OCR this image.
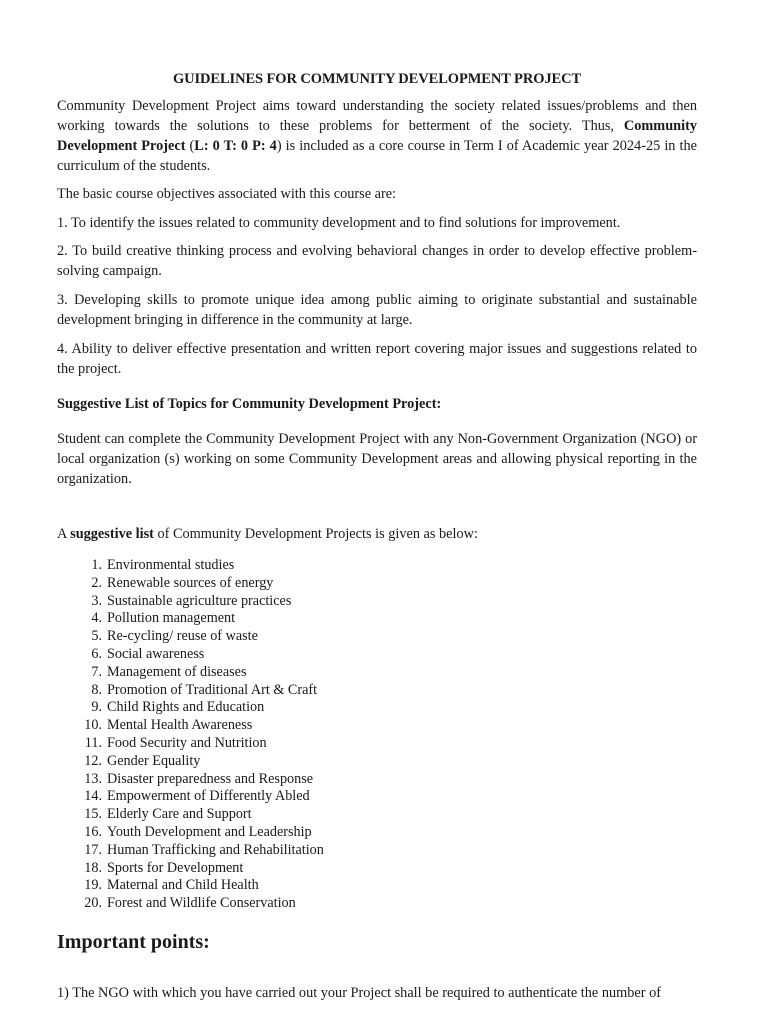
GUIDELINES FOR COMMUNITY DEVELOPMENT PROJECT
Community Development Project aims toward understanding the society related issues/problems and then working towards the solutions to these problems for betterment of the society. Thus, Community Development Project (L: 0 T: 0 P: 4) is included as a core course in Term I of Academic year 2024-25 in the curriculum of the students.
The basic course objectives associated with this course are:
1. To identify the issues related to community development and to find solutions for improvement.
2. To build creative thinking process and evolving behavioral changes in order to develop effective problem-solving campaign.
3. Developing skills to promote unique idea among public aiming to originate substantial and sustainable development bringing in difference in the community at large.
4. Ability to deliver effective presentation and written report covering major issues and suggestions related to the project.
Suggestive List of Topics for Community Development Project:
Student can complete the Community Development Project with any Non-Government Organization (NGO) or local organization (s) working on some Community Development areas and allowing physical reporting in the organization.
A suggestive list of Community Development Projects is given as below:
1. Environmental studies
2. Renewable sources of energy
3. Sustainable agriculture practices
4. Pollution management
5. Re-cycling/ reuse of waste
6. Social awareness
7. Management of diseases
8. Promotion of Traditional Art & Craft
9. Child Rights and Education
10. Mental Health Awareness
11. Food Security and Nutrition
12. Gender Equality
13. Disaster preparedness and Response
14. Empowerment of Differently Abled
15. Elderly Care and Support
16. Youth Development and Leadership
17. Human Trafficking and Rehabilitation
18. Sports for Development
19. Maternal and Child Health
20. Forest and Wildlife Conservation
Important points:
1) The NGO with which you have carried out your Project shall be required to authenticate the number of
